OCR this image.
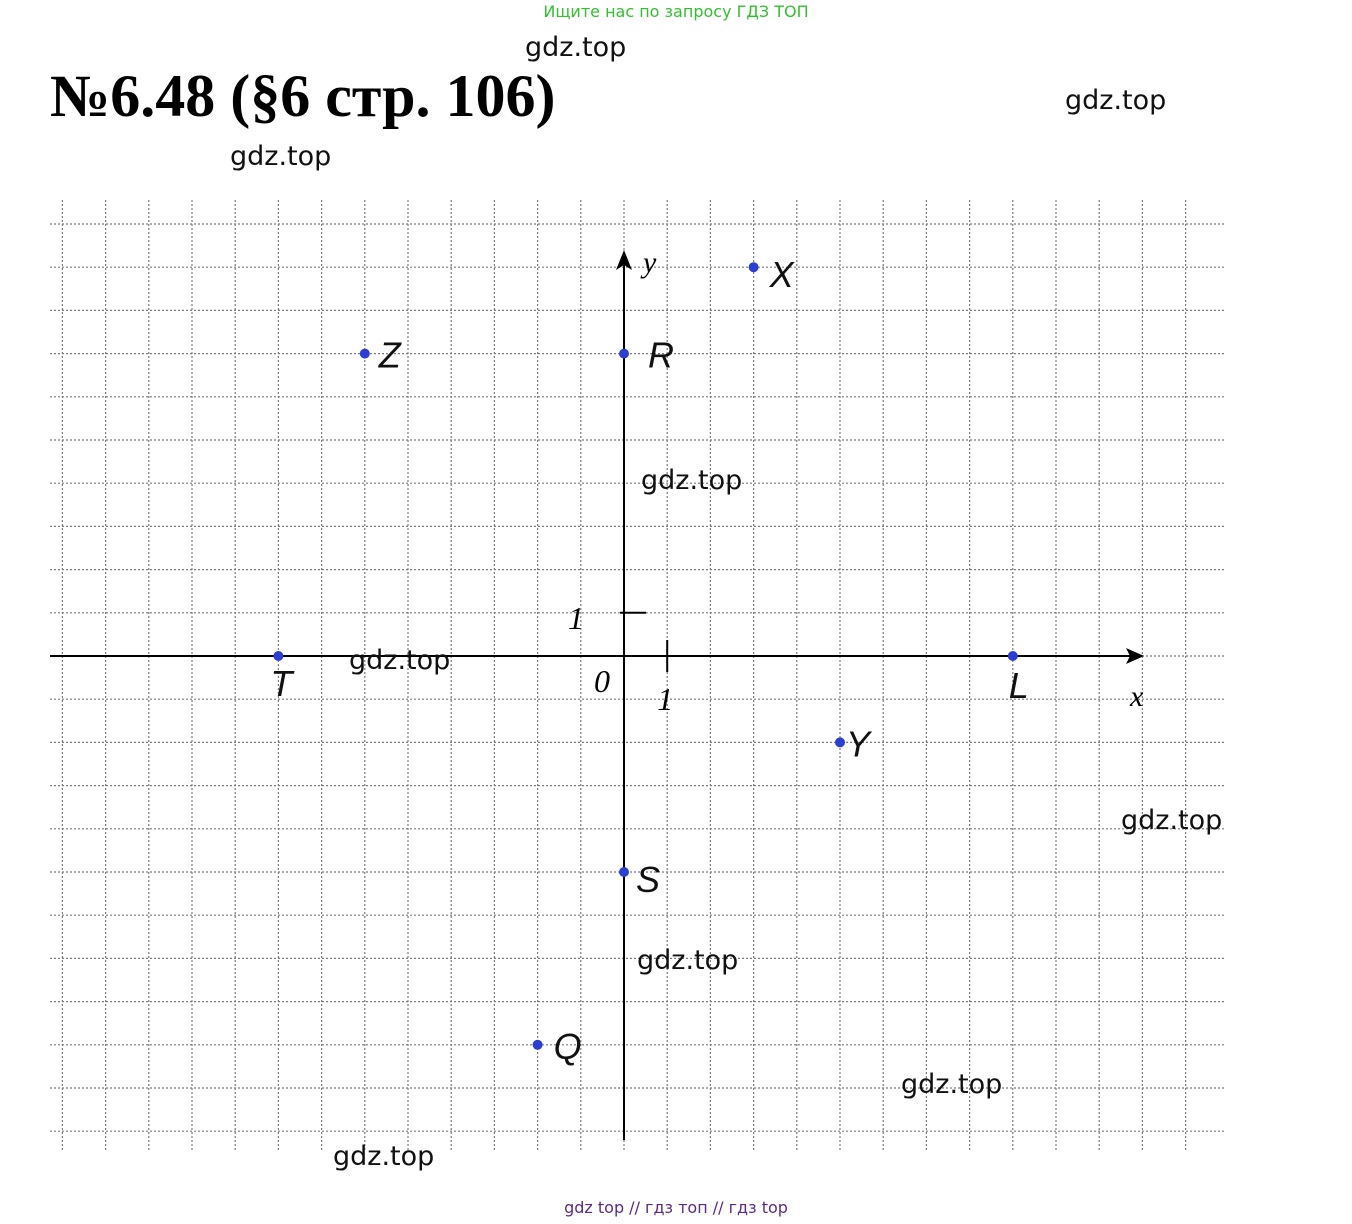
Ищите нас по запросу ГДЗ ТОП
№6.48 (§6 стр. 106)
gdz.top
gdz.top
gdz.top
x
y
0 1
1
X
Z	R
T	L
Y
S
Q
gdz.top
gdz.top
gdz.top
gdz.top
gdz.top
gdz.top
gdz top // гдз топ // гдз top
